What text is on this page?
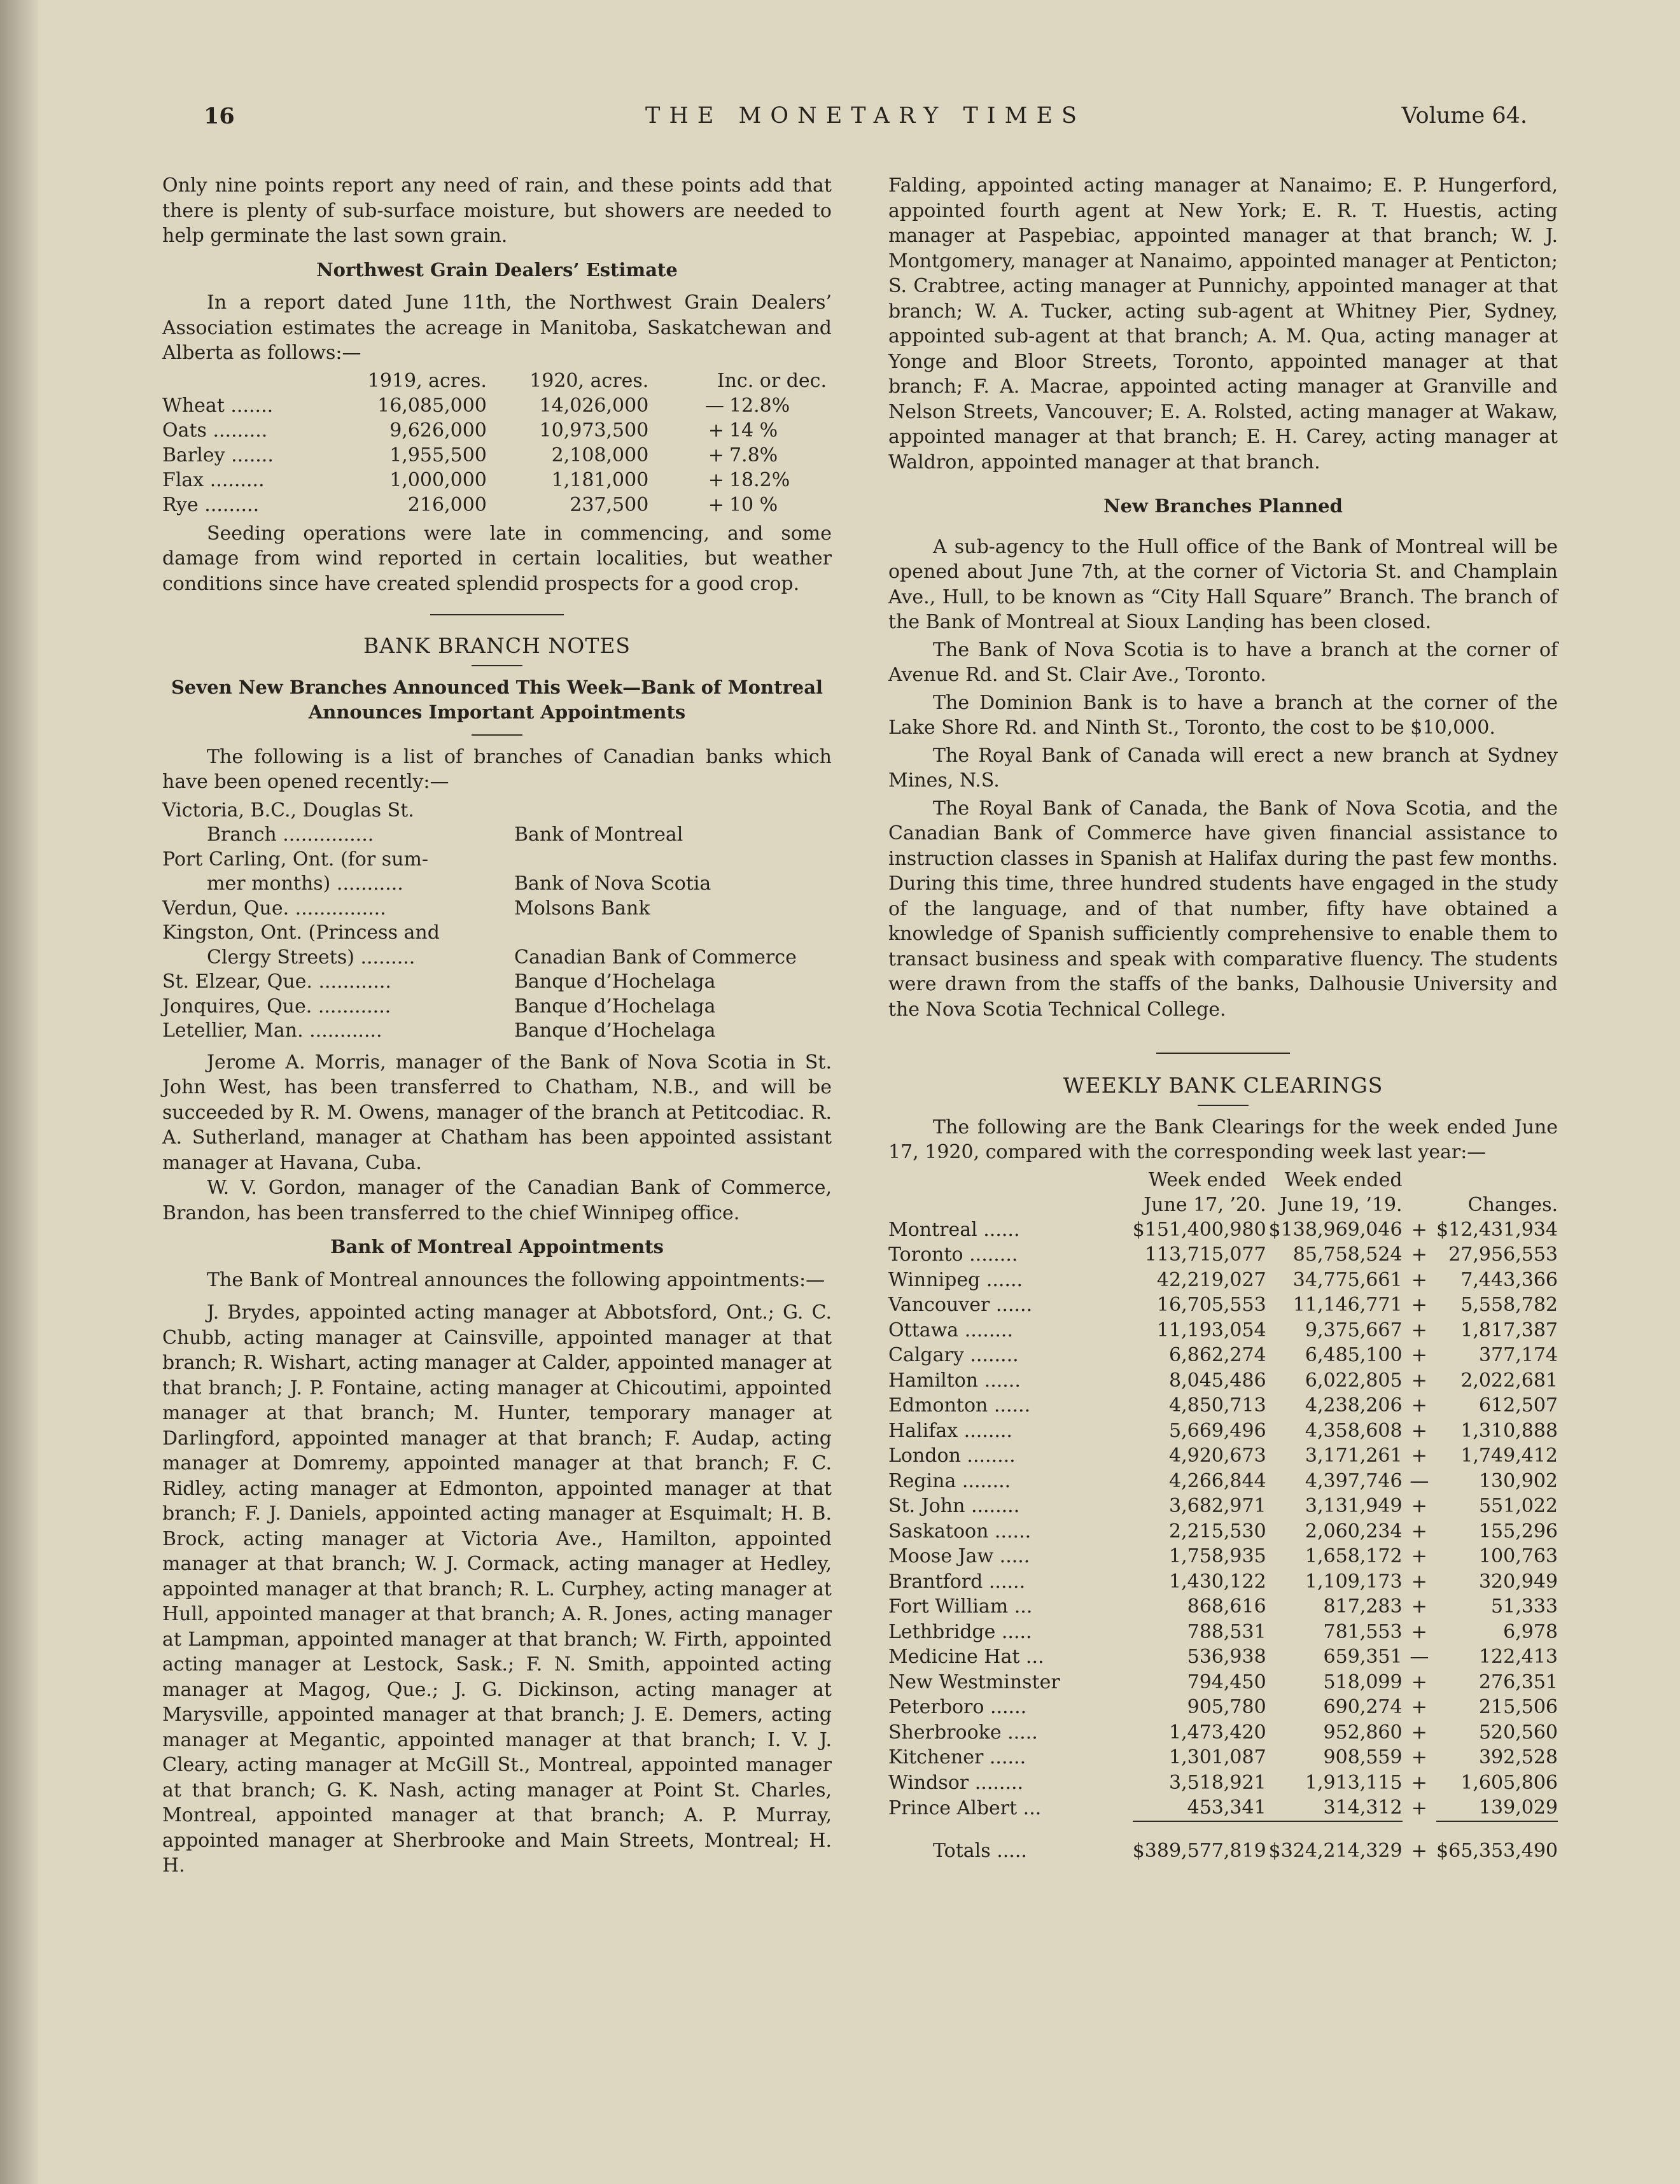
16	THE MONETARY TIMES	Volume 64.

Only nine points report any need of rain, and these points add that there is plenty of sub-surface moisture, but showers are needed to help germinate the last sown grain.

Northwest Grain Dealers’ Estimate

In a report dated June 11th, the Northwest Grain Dealers’ Association estimates the acreage in Manitoba, Saskatchewan and Alberta as follows:—

	1919, acres.	1920, acres.	Inc. or dec.	
Wheat .......	16,085,000	14,026,000	—	12.8%
Oats .........	9,626,000	10,973,500	+	14 %
Barley .......	1,955,500	2,108,000	+	7.8%
Flax .........	1,000,000	1,181,000	+	18.2%
Rye .........	216,000	237,500	+	10 %

Seeding operations were late in commencing, and some damage from wind reported in certain localities, but weather conditions since have created splendid prospects for a good crop.

BANK BRANCH NOTES
Seven New Branches Announced This Week—Bank of Montreal Announces Important Appointments

The following is a list of branches of Canadian banks which have been opened recently:—

Victoria, B.C., Douglas St.
Branch ...............	Bank of Montreal

Port Carling, Ont. (for sum-
mer months) ...........	Bank of Nova Scotia

Verdun, Que. ...............	Molsons Bank

Kingston, Ont. (Princess and
Clergy Streets) .........	Canadian Bank of Commerce

St. Elzear, Que. ............	Banque d’Hochelaga

Jonquires, Que. ............	Banque d’Hochelaga

Letellier, Man. ............	Banque d’Hochelaga

Jerome A. Morris, manager of the Bank of Nova Scotia in St. John West, has been transferred to Chatham, N.B., and will be succeeded by R. M. Owens, manager of the branch at Petitcodiac. R. A. Sutherland, manager at Chatham has been appointed assistant manager at Havana, Cuba.

W. V. Gordon, manager of the Canadian Bank of Commerce, Brandon, has been transferred to the chief Winnipeg office.

Bank of Montreal Appointments

The Bank of Montreal announces the following appointments:—

J. Brydes, appointed acting manager at Abbotsford, Ont.; G. C. Chubb, acting manager at Cainsville, appointed manager at that branch; R. Wishart, acting manager at Calder, appointed manager at that branch; J. P. Fontaine, acting manager at Chicoutimi, appointed manager at that branch; M. Hunter, temporary manager at Darlingford, appointed manager at that branch; F. Audap, acting manager at Domremy, appointed manager at that branch; F. C. Ridley, acting manager at Edmonton, appointed manager at that branch; F. J. Daniels, appointed acting manager at Esquimalt; H. B. Brock, acting manager at Victoria Ave., Hamilton, appointed manager at that branch; W. J. Cormack, acting manager at Hedley, appointed manager at that branch; R. L. Curphey, acting manager at Hull, appointed manager at that branch; A. R. Jones, acting manager at Lampman, appointed manager at that branch; W. Firth, appointed acting manager at Lestock, Sask.; F. N. Smith, appointed acting manager at Magog, Que.; J. G. Dickinson, acting manager at Marysville, appointed manager at that branch; J. E. Demers, acting manager at Megantic, appointed manager at that branch; I. V. J. Cleary, acting manager at McGill St., Montreal, appointed manager at that branch; G. K. Nash, acting manager at Point St. Charles, Montreal, appointed manager at that branch; A. P. Murray, appointed manager at Sherbrooke and Main Streets, Montreal; H. H.

Falding, appointed acting manager at Nanaimo; E. P. Hungerford, appointed fourth agent at New York; E. R. T. Huestis, acting manager at Paspebiac, appointed manager at that branch; W. J. Montgomery, manager at Nanaimo, appointed manager at Penticton; S. Crabtree, acting manager at Punnichy, appointed manager at that branch; W. A. Tucker, acting sub-agent at Whitney Pier, Sydney, appointed sub-agent at that branch; A. M. Qua, acting manager at Yonge and Bloor Streets, Toronto, appointed manager at that branch; F. A. Macrae, appointed acting manager at Granville and Nelson Streets, Vancouver; E. A. Rolsted, acting manager at Wakaw, appointed manager at that branch; E. H. Carey, acting manager at Waldron, appointed manager at that branch.

New Branches Planned

A sub-agency to the Hull office of the Bank of Montreal will be opened about June 7th, at the corner of Victoria St. and Champlain Ave., Hull, to be known as “City Hall Square” Branch. The branch of the Bank of Montreal at Sioux Lanḍing has been closed.

The Bank of Nova Scotia is to have a branch at the corner of Avenue Rd. and St. Clair Ave., Toronto.

The Dominion Bank is to have a branch at the corner of the Lake Shore Rd. and Ninth St., Toronto, the cost to be $10,000.

The Royal Bank of Canada will erect a new branch at Sydney Mines, N.S.

The Royal Bank of Canada, the Bank of Nova Scotia, and the Canadian Bank of Commerce have given financial assistance to instruction classes in Spanish at Halifax during the past few months. During this time, three hundred students have engaged in the study of the language, and of that number, fifty have obtained a knowledge of Spanish sufficiently comprehensive to enable them to transact business and speak with comparative fluency. The students were drawn from the staffs of the banks, Dalhousie University and the Nova Scotia Technical College.

WEEKLY BANK CLEARINGS

The following are the Bank Clearings for the week ended June 17, 1920, compared with the corresponding week last year:—

	Week ended	Week ended		
	June 17, ’20.	June 19, ’19.		Changes.
Montreal ......	$151,400,980	$138,969,046	+	$12,431,934
Toronto ........	113,715,077	85,758,524	+	27,956,553
Winnipeg ......	42,219,027	34,775,661	+	7,443,366
Vancouver ......	16,705,553	11,146,771	+	5,558,782
Ottawa ........	11,193,054	9,375,667	+	1,817,387
Calgary ........	6,862,274	6,485,100	+	377,174
Hamilton ......	8,045,486	6,022,805	+	2,022,681
Edmonton ......	4,850,713	4,238,206	+	612,507
Halifax ........	5,669,496	4,358,608	+	1,310,888
London ........	4,920,673	3,171,261	+	1,749,412
Regina ........	4,266,844	4,397,746	—	130,902
St. John ........	3,682,971	3,131,949	+	551,022
Saskatoon ......	2,215,530	2,060,234	+	155,296
Moose Jaw .....	1,758,935	1,658,172	+	100,763
Brantford ......	1,430,122	1,109,173	+	320,949
Fort William ...	868,616	817,283	+	51,333
Lethbridge .....	788,531	781,553	+	6,978
Medicine Hat ...	536,938	659,351	—	122,413
New Westminster	794,450	518,099	+	276,351
Peterboro ......	905,780	690,274	+	215,506
Sherbrooke .....	1,473,420	952,860	+	520,560
Kitchener ......	1,301,087	908,559	+	392,528
Windsor ........	3,518,921	1,913,115	+	1,605,806
Prince Albert ...	453,341	314,312	+	139,029

Totals .....	$389,577,819	$324,214,329	+	$65,353,490
